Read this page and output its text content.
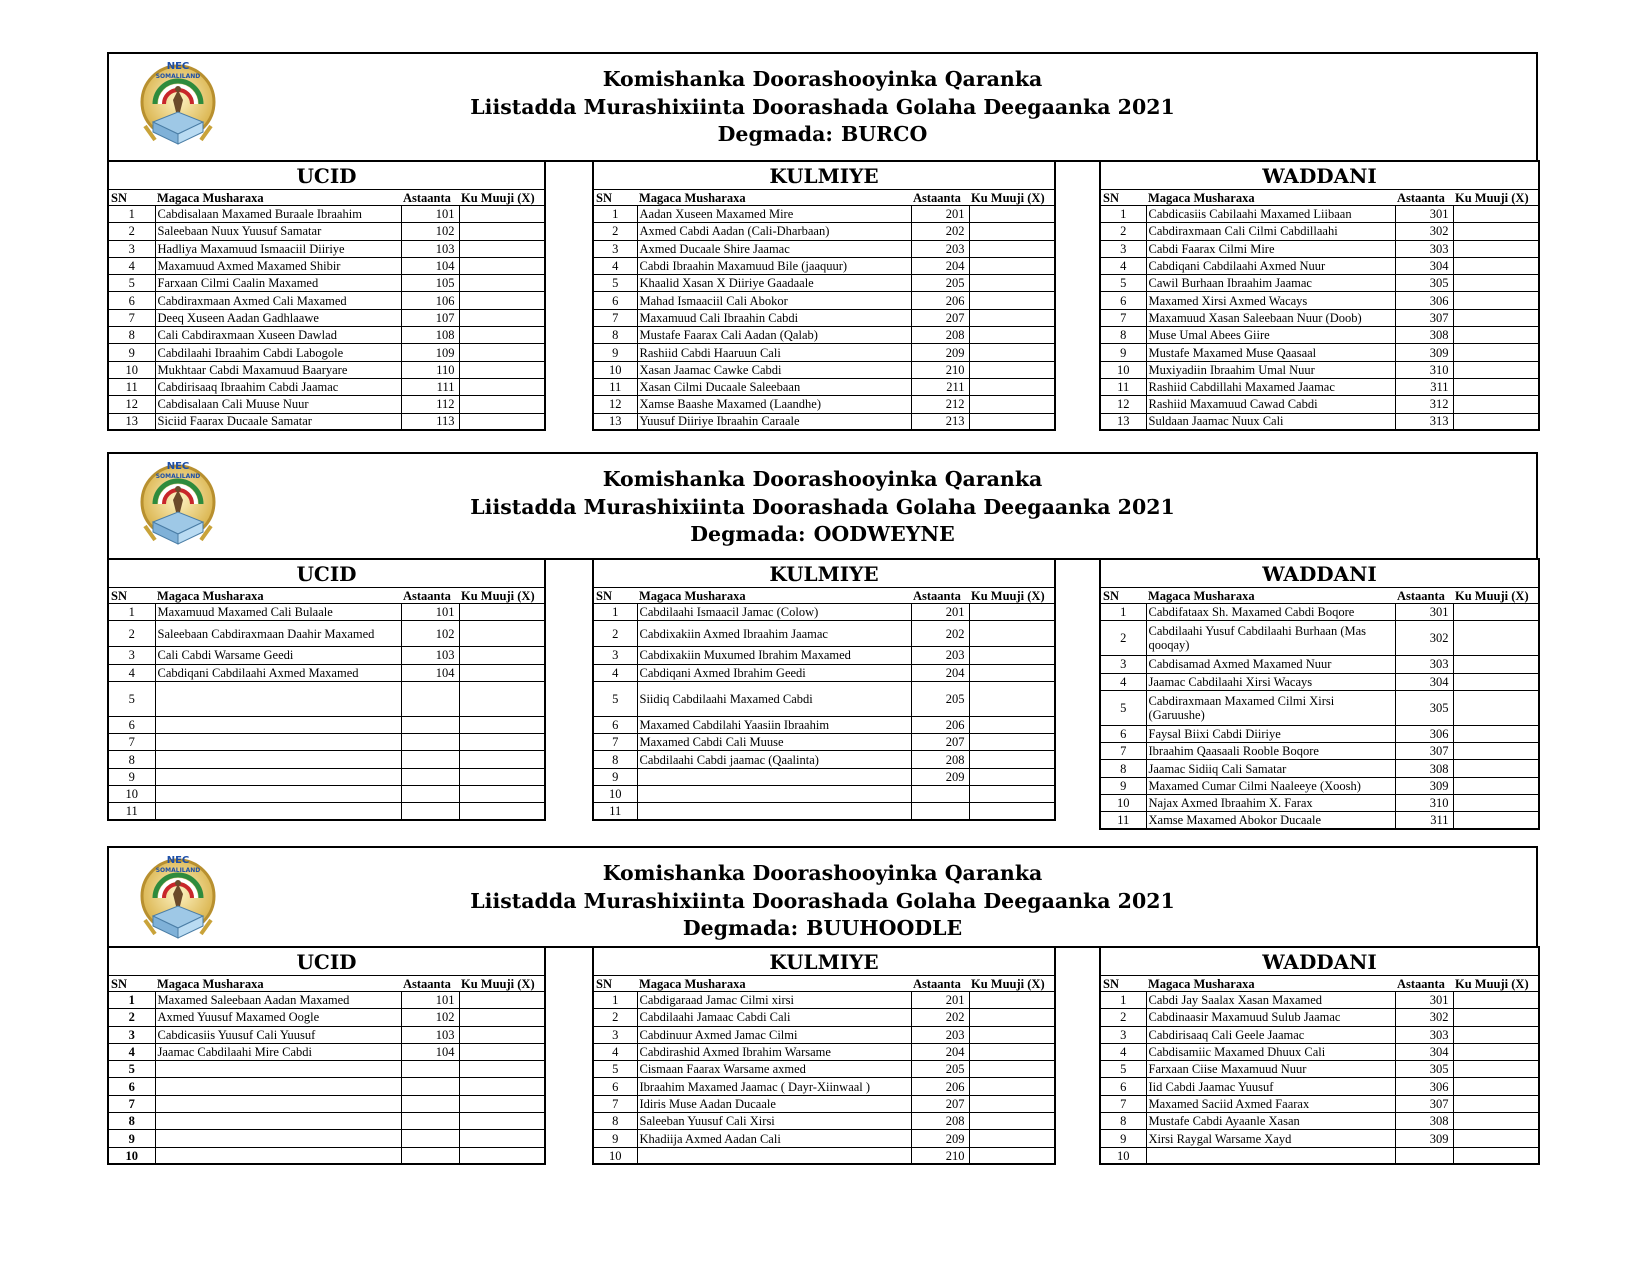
NEC
SOMALILAND	Komishanka Doorashooyinka Qaranka
Liistadda Murashixiinta Doorashada Golaha Deegaanka 2021
Degmada: BURCO
UCID			
SN	Magaca Musharaxa	Astaanta	Ku Muuji (X)
1	Cabdisalaan Maxamed Buraale Ibraahim	101	
2	Saleebaan Nuux Yuusuf Samatar	102	
3	Hadliya Maxamuud Ismaaciil Diiriye	103	
4	Maxamuud Axmed Maxamed Shibir	104	
5	Farxaan Cilmi Caalin Maxamed	105	
6	Cabdiraxmaan Axmed Cali Maxamed	106	
7	Deeq Xuseen Aadan Gadhlaawe	107	
8	Cali Cabdiraxmaan Xuseen Dawlad	108	
9	Cabdilaahi Ibraahim Cabdi Labogole	109	
10	Mukhtaar Cabdi Maxamuud Baaryare	110	
11	Cabdirisaaq Ibraahim Cabdi Jaamac	111	
12	Cabdisalaan Cali Muuse Nuur	112	
13	Siciid Faarax Ducaale Samatar	113	
KULMIYE			
SN	Magaca Musharaxa	Astaanta	Ku Muuji (X)
1	Aadan Xuseen Maxamed Mire	201	
2	Axmed Cabdi Aadan (Cali-Dharbaan)	202	
3	Axmed Ducaale Shire Jaamac	203	
4	Cabdi Ibraahin Maxamuud Bile (jaaquur)	204	
5	Khaalid Xasan X Diiriye Gaadaale	205	
6	Mahad Ismaaciil Cali Abokor	206	
7	Maxamuud Cali Ibraahin Cabdi	207	
8	Mustafe Faarax Cali Aadan (Qalab)	208	
9	Rashiid Cabdi Haaruun Cali	209	
10	Xasan Jaamac Cawke Cabdi	210	
11	Xasan Cilmi Ducaale Saleebaan	211	
12	Xamse Baashe Maxamed (Laandhe)	212	
13	Yuusuf Diiriye Ibraahin Caraale	213	
WADDANI			
SN	Magaca Musharaxa	Astaanta	Ku Muuji (X)
1	Cabdicasiis Cabilaahi Maxamed Liibaan	301	
2	Cabdiraxmaan Cali Cilmi Cabdillaahi	302	
3	Cabdi Faarax Cilmi Mire	303	
4	Cabdiqani Cabdilaahi Axmed Nuur	304	
5	Cawil Burhaan Ibraahim Jaamac	305	
6	Maxamed Xirsi Axmed Wacays	306	
7	Maxamuud Xasan Saleebaan Nuur (Doob)	307	
8	Muse Umal Abees Giire	308	
9	Mustafe Maxamed Muse Qaasaal	309	
10	Muxiyadiin Ibraahim Umal Nuur	310	
11	Rashiid Cabdillahi Maxamed Jaamac	311	
12	Rashiid Maxamuud Cawad Cabdi	312	
13	Suldaan Jaamac Nuux Cali	313	
NEC
SOMALILAND	Komishanka Doorashooyinka Qaranka
Liistadda Murashixiinta Doorashada Golaha Deegaanka 2021
Degmada: OODWEYNE
UCID			
SN	Magaca Musharaxa	Astaanta	Ku Muuji (X)
1	Maxamuud Maxamed Cali Bulaale	101	
2	Saleebaan Cabdiraxmaan Daahir Maxamed	102	
3	Cali Cabdi Warsame Geedi	103	
4	Cabdiqani Cabdilaahi Axmed Maxamed	104	
5			
6			
7			
8			
9			
10			
11			
KULMIYE			
SN	Magaca Musharaxa	Astaanta	Ku Muuji (X)
1	Cabdilaahi Ismaacil Jamac (Colow)	201	
2	Cabdixakiin Axmed Ibraahim Jaamac	202	
3	Cabdixakiin Muxumed Ibrahim Maxamed	203	
4	Cabdiqani Axmed Ibrahim Geedi	204	
5	Siidiq Cabdilaahi Maxamed Cabdi	205	
6	Maxamed Cabdilahi Yaasiin Ibraahim	206	
7	Maxamed Cabdi Cali Muuse	207	
8	Cabdilaahi Cabdi jaamac (Qaalinta)	208	
9		209	
10			
11			
WADDANI			
SN	Magaca Musharaxa	Astaanta	Ku Muuji (X)
1	Cabdifataax Sh. Maxamed Cabdi Boqore	301	
2	Cabdilaahi Yusuf Cabdilaahi Burhaan (Mas qooqay)	302	
3	Cabdisamad Axmed Maxamed Nuur	303	
4	Jaamac Cabdilaahi Xirsi Wacays	304	
5	Cabdiraxmaan Maxamed Cilmi Xirsi (Garuushe)	305	
6	Faysal Biixi Cabdi Diiriye	306	
7	Ibraahim Qaasaali Rooble Boqore	307	
8	Jaamac Sidiiq Cali Samatar	308	
9	Maxamed Cumar Cilmi Naaleeye (Xoosh)	309	
10	Najax Axmed Ibraahim X. Farax	310	
11	Xamse Maxamed Abokor Ducaale	311	
NEC
SOMALILAND	Komishanka Doorashooyinka Qaranka
Liistadda Murashixiinta Doorashada Golaha Deegaanka 2021
Degmada: BUUHOODLE
UCID			
SN	Magaca Musharaxa	Astaanta	Ku Muuji (X)
1	Maxamed Saleebaan Aadan Maxamed	101	
2	Axmed Yuusuf Maxamed Oogle	102	
3	Cabdicasiis Yuusuf Cali Yuusuf	103	
4	Jaamac Cabdilaahi Mire Cabdi	104	
5			
6			
7			
8			
9			
10			
KULMIYE			
SN	Magaca Musharaxa	Astaanta	Ku Muuji (X)
1	Cabdigaraad Jamac Cilmi xirsi	201	
2	Cabdilaahi Jamaac Cabdi Cali	202	
3	Cabdinuur Axmed Jamac Cilmi	203	
4	Cabdirashid Axmed Ibrahim Warsame	204	
5	Cismaan Faarax Warsame axmed	205	
6	Ibraahim Maxamed Jaamac ( Dayr-Xiinwaal )	206	
7	Idiris Muse Aadan Ducaale	207	
8	Saleeban Yuusuf Cali Xirsi	208	
9	Khadiija Axmed Aadan Cali	209	
10		210	
WADDANI			
SN	Magaca Musharaxa	Astaanta	Ku Muuji (X)
1	Cabdi Jay Saalax Xasan Maxamed	301	
2	Cabdinaasir Maxamuud Sulub Jaamac	302	
3	Cabdirisaaq Cali Geele Jaamac	303	
4	Cabdisamiic Maxamed Dhuux Cali	304	
5	Farxaan Ciise Maxamuud Nuur	305	
6	Iid Cabdi Jaamac Yuusuf	306	
7	Maxamed Saciid Axmed Faarax	307	
8	Mustafe Cabdi Ayaanle Xasan	308	
9	Xirsi Raygal Warsame Xayd	309	
10			
